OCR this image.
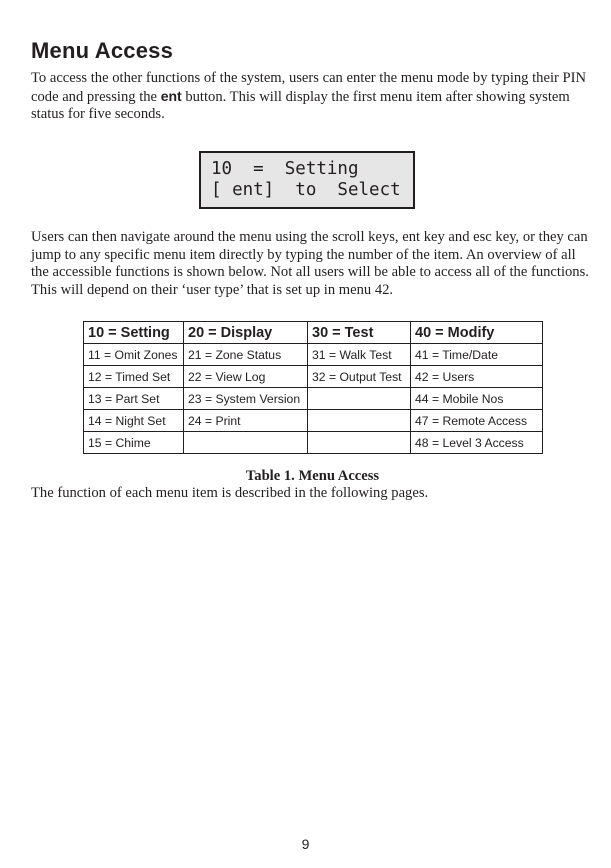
Menu Access

To access the other functions of the system, users can enter the menu mode by typing their PIN code and pressing the ent button. This will display the first menu item after showing system status for five seconds.

10  =  Setting
[ ent]  to  Select

Users can then navigate around the menu using the scroll keys, ent key and esc key, or they can jump to any specific menu item directly by typing the number of the item. An overview of all the accessible functions is shown below. Not all users will be able to access all of the functions. This will depend on their ‘user type’ that is set up in menu 42.

10 = Setting	20 = Display	30 = Test	40 = Modify
11 = Omit Zones	21 = Zone Status	31 = Walk Test	41 = Time/Date
12 = Timed Set	22 = View Log	32 = Output Test	42 = Users
13 = Part Set	23 = System Version		44 = Mobile Nos
14 = Night Set	24 = Print		47 = Remote Access
15 = Chime			48 = Level 3 Access

Table 1. Menu Access

The function of each menu item is described in the following pages.

9
